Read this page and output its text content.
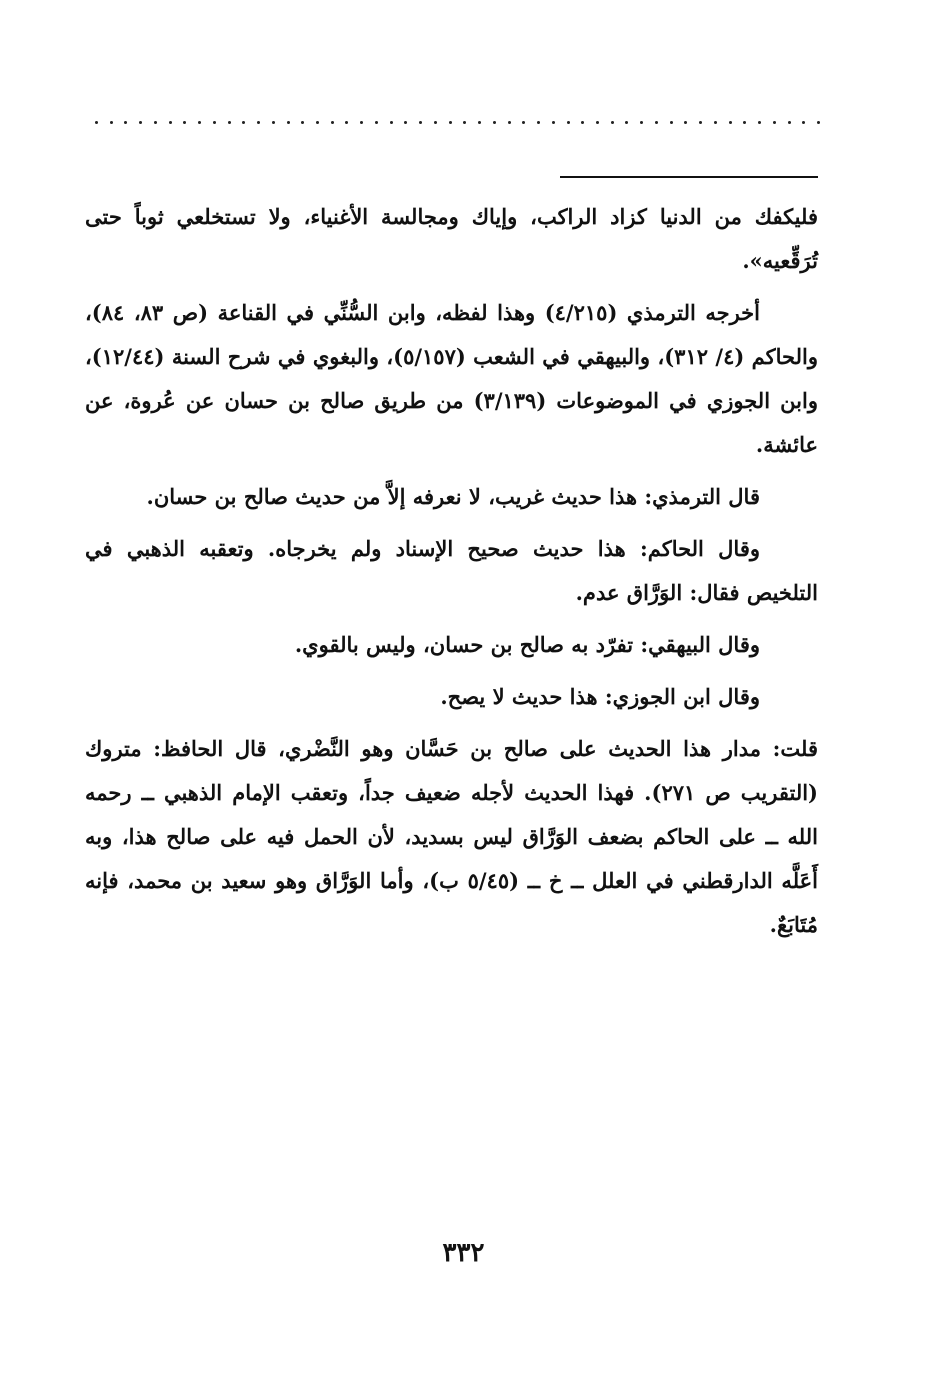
فليكفك من الدنيا كزاد الراكب، وإياك ومجالسة الأغنياء، ولا تستخلعي ثوباً حتى تُرَقِّعيه».

أخرجه الترمذي (٤/٢١٥) وهذا لفظه، وابن السُّنِّي في القناعة (ص ٨٣، ٨٤)، والحاكم (٤/ ٣١٢)، والبيهقي في الشعب (٥/١٥٧)، والبغوي في شرح السنة (١٢/٤٤)، وابن الجوزي في الموضوعات (٣/١٣٩) من طريق صالح بن حسان عن عُروة، عن عائشة.

قال الترمذي: هذا حديث غريب، لا نعرفه إلاَّ من حديث صالح بن حسان.

وقال الحاكم: هذا حديث صحيح الإسناد ولم يخرجاه. وتعقبه الذهبي في التلخيص فقال: الوَرَّاق عدم.

وقال البيهقي: تفرّد به صالح بن حسان، وليس بالقوي.

وقال ابن الجوزي: هذا حديث لا يصح.

قلت: مدار هذا الحديث على صالح بن حَسَّان وهو النَّضْري، قال الحافظ: متروك (التقريب ص ٢٧١). فهذا الحديث لأجله ضعيف جداً، وتعقب الإمام الذهبي ــ رحمه الله ــ على الحاكم بضعف الوَرَّاق ليس بسديد، لأن الحمل فيه على صالح هذا، وبه أَعَلَّه الدارقطني في العلل ــ خ ــ (٥/٤٥ ب)، وأما الوَرَّاق وهو سعيد بن محمد، فإنه مُتَابَعٌ.

٣٣٢
